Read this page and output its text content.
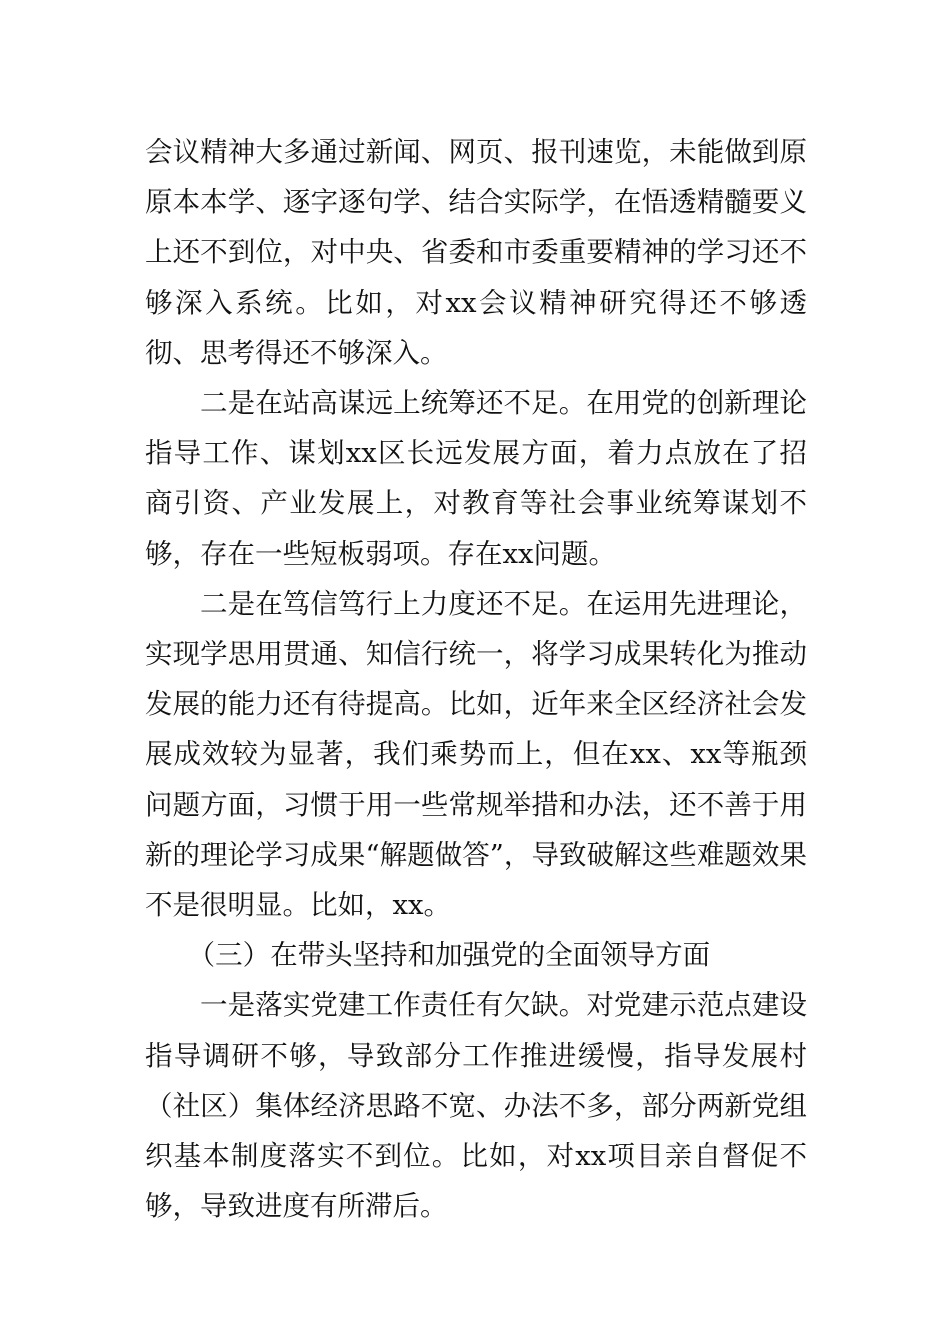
会议精神大多通过新闻、网页、报刊速览，未能做到原原本本学、逐字逐句学、结合实际学，在悟透精髓要义上还不到位，对中央、省委和市委重要精神的学习还不够深入系统。比如，对xx会议精神研究得还不够透彻、思考得还不够深入。

二是在站高谋远上统筹还不足。在用党的创新理论指导工作、谋划xx区长远发展方面，着力点放在了招商引资、产业发展上，对教育等社会事业统筹谋划不够，存在一些短板弱项。存在xx问题。

二是在笃信笃行上力度还不足。在运用先进理论，实现学思用贯通、知信行统一，将学习成果转化为推动发展的能力还有待提高。比如，近年来全区经济社会发展成效较为显著，我们乘势而上，但在xx、xx等瓶颈问题方面，习惯于用一些常规举措和办法，还不善于用新的理论学习成果“解题做答”，导致破解这些难题效果不是很明显。比如，xx。

（三）在带头坚持和加强党的全面领导方面

一是落实党建工作责任有欠缺。对党建示范点建设指导调研不够，导致部分工作推进缓慢，指导发展村（社区）集体经济思路不宽、办法不多，部分两新党组织基本制度落实不到位。比如，对xx项目亲自督促不够，导致进度有所滞后。
